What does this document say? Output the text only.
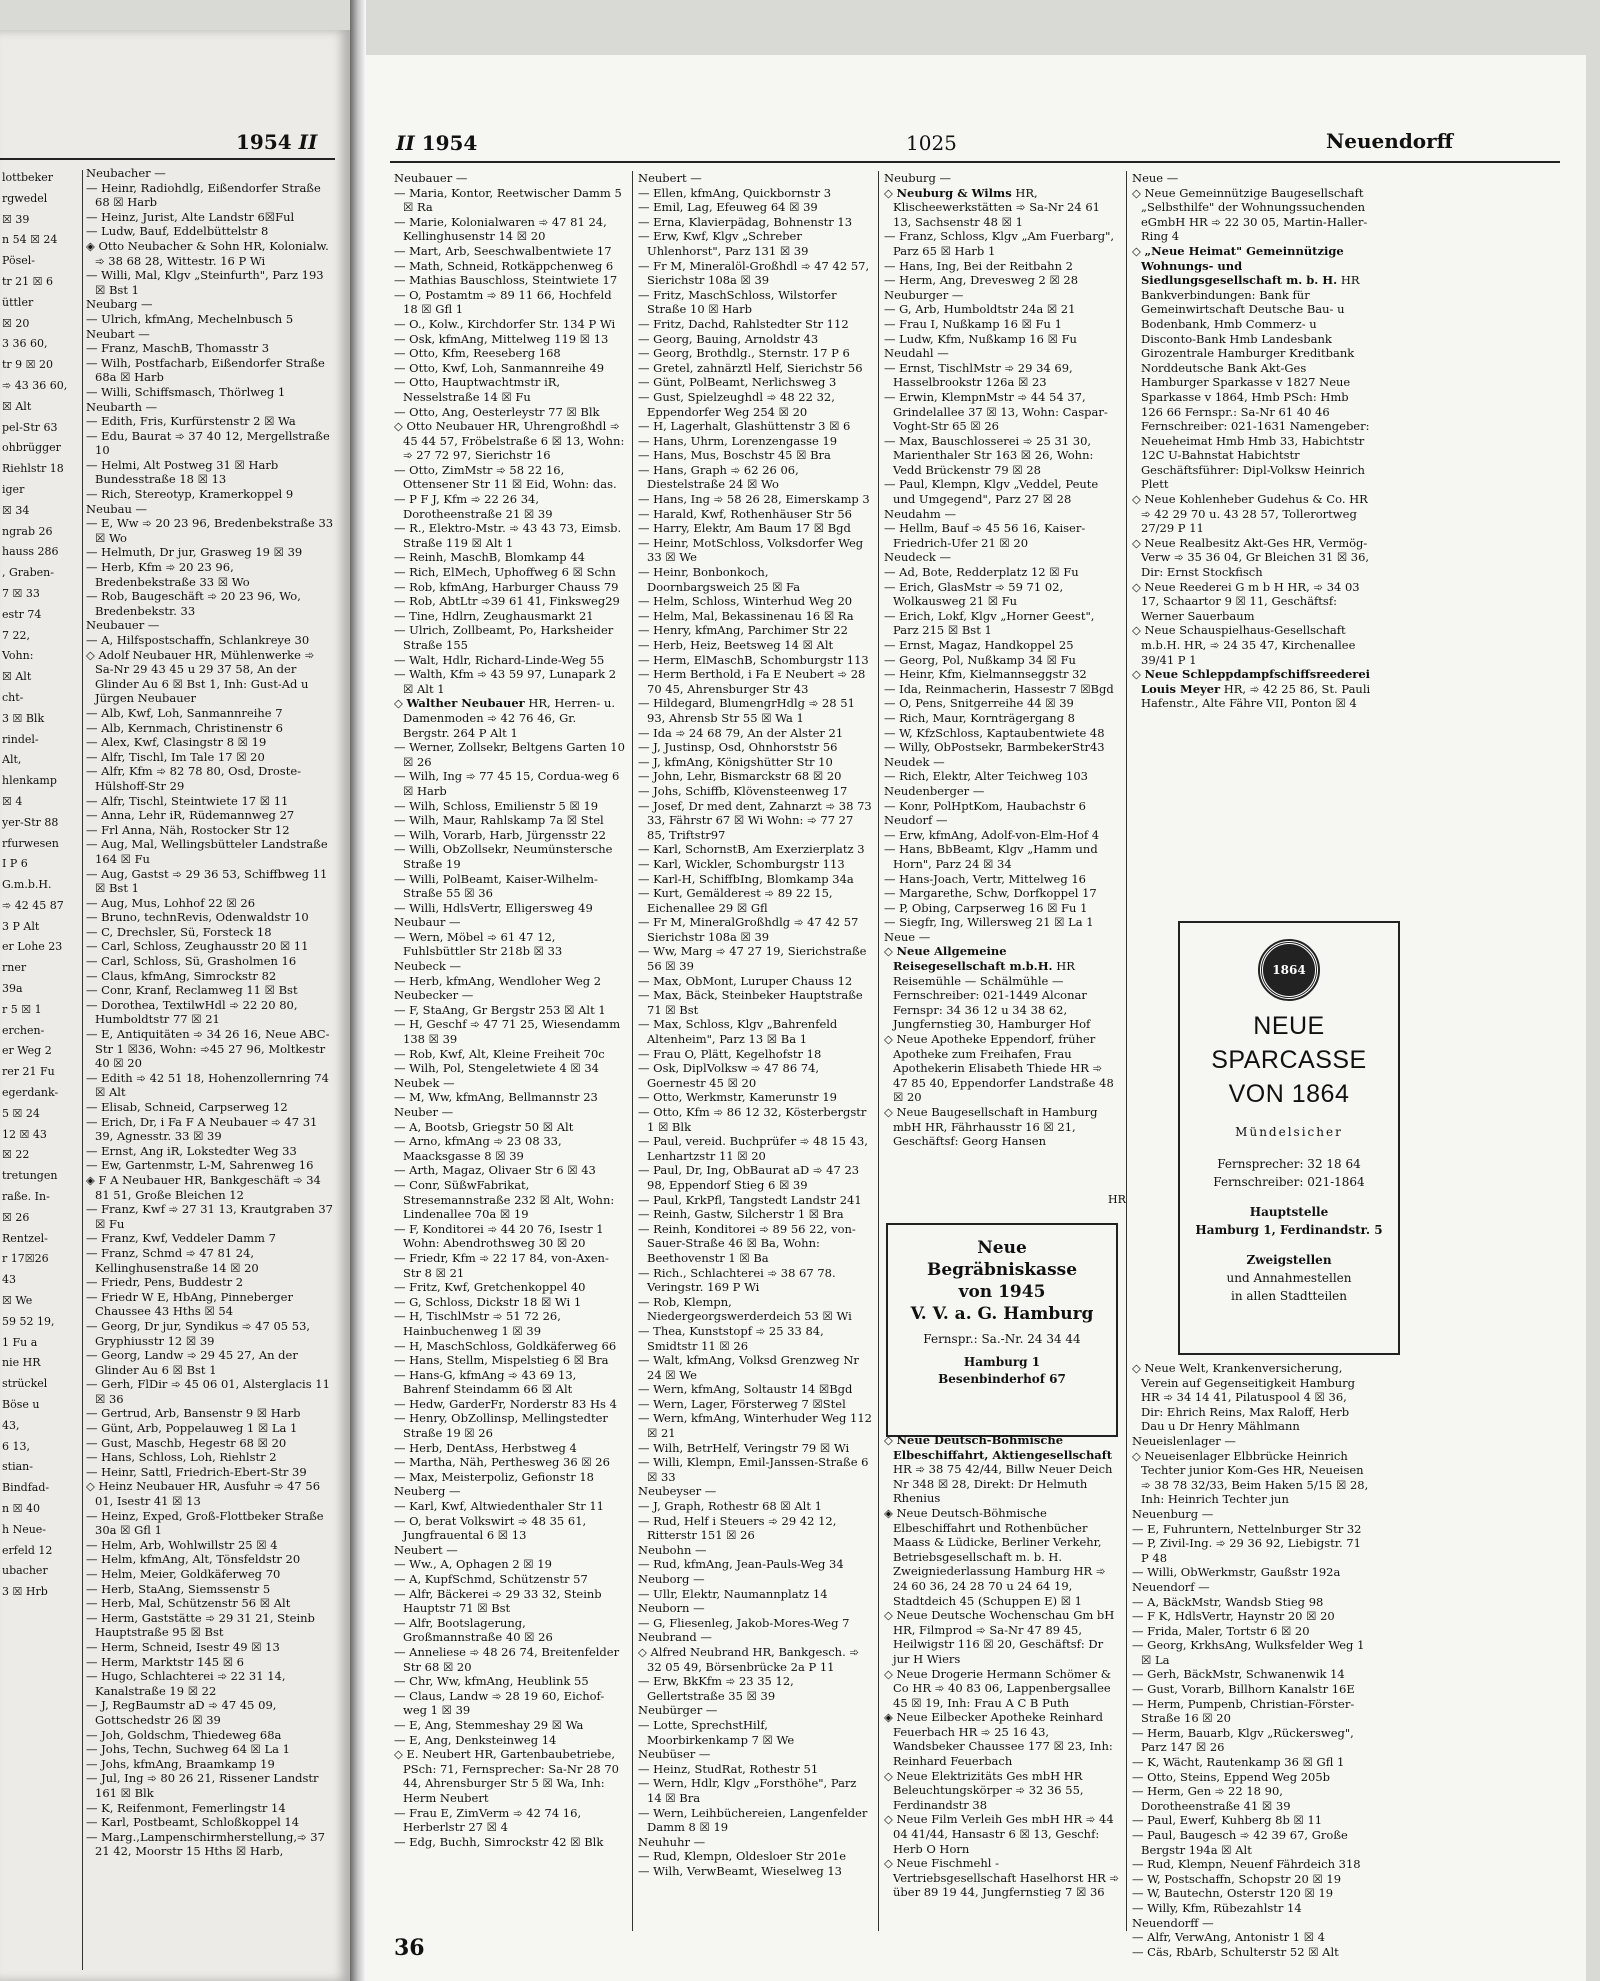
1954 II
lottbeker
rgwedel
☒ 39
n 54 ☒ 24
Pösel-
tr 21 ☒ 6
üttler
☒ 20
3 36 60,
tr 9 ☒ 20
➾ 43 36 60,
☒ Alt
pel-Str 63
ohbrügger
Riehlstr 18
iger
☒ 34
ngrab 26
hauss 286
, Graben-
7 ☒ 33
estr 74
7 22,
Vohn:
☒ Alt
cht-
3 ☒ Blk
rindel-
Alt,
hlenkamp
☒ 4
yer-Str 88
rfurwesen
I P 6
G.m.b.H.
➾ 42 45 87
3 P Alt
er Lohe 23
rner
39a
r 5 ☒ 1
erchen-
er Weg 2
rer 21 Fu
egerdank-
5 ☒ 24
12 ☒ 43
☒ 22
tretungen
raße. In-
☒ 26
Rentzel-
r 17☒26
43
☒ We
59 52 19,
1 Fu a
nie HR
strückel
Böse u
43,
6 13,
stian-
Bindfad-
n ☒ 40
h Neue-
erfeld 12
ubacher
3 ☒ Hrb

Neubacher —

— Heinr, Radiohdlg, Eißendorfer Straße 68 ☒ Harb

— Heinz, Jurist, Alte Landstr 6☒Ful

— Ludw, Bauf, Eddelbüttelstr 8

◈ Otto Neubacher & Sohn HR, Kolonialw. ➾ 38 68 28, Wittestr. 16 P Wi

— Willi, Mal, Klgv „Steinfurth", Parz 193 ☒ Bst 1

Neubarg —

— Ulrich, kfmAng, Mechelnbusch 5

Neubart —

— Franz, MaschB, Thomasstr 3

— Wilh, Postfacharb, Eißendorfer Straße 68a ☒ Harb

— Willi, Schiffsmasch, Thörlweg 1

Neubarth —

— Edith, Fris, Kurfürstenstr 2 ☒ Wa

— Edu, Baurat ➾ 37 40 12, Mergellstraße 10

— Helmi, Alt Postweg 31 ☒ Harb Bundesstraße 18 ☒ 13

— Rich, Stereotyp, Kramerkoppel 9

Neubau —

— E, Ww ➾ 20 23 96, Bredenbekstraße 33 ☒ Wo

— Helmuth, Dr jur, Grasweg 19 ☒ 39

— Herb, Kfm ➾ 20 23 96, Bredenbekstraße 33 ☒ Wo

— Rob, Baugeschäft ➾ 20 23 96, Wo, Bredenbekstr. 33

Neubauer —

— A, Hilfspostschaffn, Schlankreye 30

◇ Adolf Neubauer HR, Mühlenwerke ➾ Sa-Nr 29 43 45 u 29 37 58, An der Glinder Au 6 ☒ Bst 1, Inh: Gust-Ad u Jürgen Neubauer

— Alb, Kwf, Loh, Sanmannreihe 7

— Alb, Kernmach, Christinenstr 6

— Alex, Kwf, Clasingstr 8 ☒ 19

— Alfr, Tischl, Im Tale 17 ☒ 20

— Alfr, Kfm ➾ 82 78 80, Osd, Droste-Hülshoff-Str 29

— Alfr, Tischl, Steintwiete 17 ☒ 11

— Anna, Lehr iR, Rüdemannweg 27

— Frl Anna, Näh, Rostocker Str 12

— Aug, Mal, Wellingsbütteler Landstraße 164 ☒ Fu

— Aug, Gastst ➾ 29 36 53, Schiffbweg 11 ☒ Bst 1

— Aug, Mus, Lohhof 22 ☒ 26

— Bruno, technRevis, Odenwaldstr 10

— C, Drechsler, Sü, Forsteck 18

— Carl, Schloss, Zeughausstr 20 ☒ 11

— Carl, Schloss, Sü, Grasholmen 16

— Claus, kfmAng, Simrockstr 82

— Conr, Kranf, Reclamweg 11 ☒ Bst

— Dorothea, TextilwHdl ➾ 22 20 80, Humboldtstr 77 ☒ 21

— E, Antiquitäten ➾ 34 26 16, Neue ABC-Str 1 ☒36, Wohn: ➾45 27 96, Moltkestr 40 ☒ 20

— Edith ➾ 42 51 18, Hohenzollernring 74 ☒ Alt

— Elisab, Schneid, Carpserweg 12

— Erich, Dr, i Fa F A Neubauer ➾ 47 31 39, Agnesstr. 33 ☒ 39

— Ernst, Ang iR, Lokstedter Weg 33

— Ew, Gartenmstr, L-M, Sahrenweg 16

◈ F A Neubauer HR, Bankgeschäft ➾ 34 81 51, Große Bleichen 12

— Franz, Kwf ➾ 27 31 13, Krautgraben 37 ☒ Fu

— Franz, Kwf, Veddeler Damm 7

— Franz, Schmd ➾ 47 81 24, Kellinghusenstraße 14 ☒ 20

— Friedr, Pens, Buddestr 2

— Friedr W E, HbAng, Pinneberger Chaussee 43 Hths ☒ 54

— Georg, Dr jur, Syndikus ➾ 47 05 53, Gryphiusstr 12 ☒ 39

— Georg, Landw ➾ 29 45 27, An der Glinder Au 6 ☒ Bst 1

— Gerh, FlDir ➾ 45 06 01, Alsterglacis 11 ☒ 36

— Gertrud, Arb, Bansenstr 9 ☒ Harb

— Günt, Arb, Poppelauweg 1 ☒ La 1

— Gust, Maschb, Hegestr 68 ☒ 20

— Hans, Schloss, Loh, Riehlstr 2

— Heinr, Sattl, Friedrich-Ebert-Str 39

◇ Heinz Neubauer HR, Ausfuhr ➾ 47 56 01, Isestr 41 ☒ 13

— Heinz, Exped, Groß-Flottbeker Straße 30a ☒ Gfl 1

— Helm, Arb, Wohlwillstr 25 ☒ 4

— Helm, kfmAng, Alt, Tönsfeldstr 20

— Helm, Meier, Goldkäferweg 70

— Herb, StaAng, Siemssenstr 5

— Herb, Mal, Schützenstr 56 ☒ Alt

— Herm, Gaststätte ➾ 29 31 21, Steinb Hauptstraße 95 ☒ Bst

— Herm, Schneid, Isestr 49 ☒ 13

— Herm, Marktstr 145 ☒ 6

— Hugo, Schlachterei ➾ 22 31 14, Kanalstraße 19 ☒ 22

— J, RegBaumstr aD ➾ 47 45 09, Gottschedstr 26 ☒ 39

— Joh, Goldschm, Thiedeweg 68a

— Johs, Techn, Suchweg 64 ☒ La 1

— Johs, kfmAng, Braamkamp 19

— Jul, Ing ➾ 80 26 21, Rissener Landstr 161 ☒ Blk

— K, Reifenmont, Femerlingstr 14

— Karl, Postbeamt, Schloßkoppel 14

— Marg.,Lampenschirmherstellung,➾ 37 21 42, Moorstr 15 Hths ☒ Harb,

II 1954	1025	Neuendorff

Neubauer —

— Maria, Kontor, Reetwischer Damm 5 ☒ Ra

— Marie, Kolonialwaren ➾ 47 81 24, Kellinghusenstr 14 ☒ 20

— Mart, Arb, Seeschwalbentwiete 17

— Math, Schneid, Rotkäppchenweg 6

— Mathias Bauschloss, Steintwiete 17

— O, Postamtm ➾ 89 11 66, Hochfeld 18 ☒ Gfl 1

— O., Kolw., Kirchdorfer Str. 134 P Wi

— Osk, kfmAng, Mittelweg 119 ☒ 13

— Otto, Kfm, Reeseberg 168

— Otto, Kwf, Loh, Sanmannreihe 49

— Otto, Hauptwachtmstr iR, Nesselstraße 14 ☒ Fu

— Otto, Ang, Oesterleystr 77 ☒ Blk

◇ Otto Neubauer HR, Uhrengroßhdl ➾ 45 44 57, Fröbelstraße 6 ☒ 13, Wohn: ➾ 27 72 97, Sierichstr 16

— Otto, ZimMstr ➾ 58 22 16, Ottensener Str 11 ☒ Eid, Wohn: das.

— P F J, Kfm ➾ 22 26 34, Dorotheenstraße 21 ☒ 39

— R., Elektro-Mstr. ➾ 43 43 73, Eimsb. Straße 119 ☒ Alt 1

— Reinh, MaschB, Blomkamp 44

— Rich, ElMech, Uphoffweg 6 ☒ Schn

— Rob, kfmAng, Harburger Chauss 79

— Rob, AbtLtr ➾39 61 41, Finksweg29

— Tine, Hdlrn, Zeughausmarkt 21

— Ulrich, Zollbeamt, Po, Harksheider Straße 155

— Walt, Hdlr, Richard-Linde-Weg 55

— Walth, Kfm ➾ 43 59 97, Lunapark 2 ☒ Alt 1

◇ Walther Neubauer HR, Herren- u. Damenmoden ➾ 42 76 46, Gr. Bergstr. 264 P Alt 1

— Werner, Zollsekr, Beltgens Garten 10 ☒ 26

— Wilh, Ing ➾ 77 45 15, Cordua-weg 6 ☒ Harb

— Wilh, Schloss, Emilienstr 5 ☒ 19

— Wilh, Maur, Rahlskamp 7a ☒ Stel

— Wilh, Vorarb, Harb, Jürgensstr 22

— Willi, ObZollsekr, Neumünstersche Straße 19

— Willi, PolBeamt, Kaiser-Wilhelm-Straße 55 ☒ 36

— Willi, HdlsVertr, Elligersweg 49

Neubaur —

— Wern, Möbel ➾ 61 47 12, Fuhlsbüttler Str 218b ☒ 33

Neubeck —

— Herb, kfmAng, Wendloher Weg 2

Neubecker —

— F, StaAng, Gr Bergstr 253 ☒ Alt 1

— H, Geschf ➾ 47 71 25, Wiesendamm 138 ☒ 39

— Rob, Kwf, Alt, Kleine Freiheit 70c

— Wilh, Pol, Stengeletwiete 4 ☒ 34

Neubek —

— M, Ww, kfmAng, Bellmannstr 23

Neuber —

— A, Bootsb, Griegstr 50 ☒ Alt

— Arno, kfmAng ➾ 23 08 33, Maacksgasse 8 ☒ 39

— Arth, Magaz, Olivaer Str 6 ☒ 43

— Conr, SüßwFabrikat, Stresemannstraße 232 ☒ Alt, Wohn: Lindenallee 70a ☒ 19

— F, Konditorei ➾ 44 20 76, Isestr 1 Wohn: Abendrothsweg 30 ☒ 20

— Friedr, Kfm ➾ 22 17 84, von-Axen-Str 8 ☒ 21

— Fritz, Kwf, Gretchenkoppel 40

— G, Schloss, Dickstr 18 ☒ Wi 1

— H, TischlMstr ➾ 51 72 26, Hainbuchenweg 1 ☒ 39

— H, MaschSchloss, Goldkäferweg 66

— Hans, Stellm, Mispelstieg 6 ☒ Bra

— Hans-G, kfmAng ➾ 43 69 13, Bahrenf Steindamm 66 ☒ Alt

— Hedw, GarderFr, Norderstr 83 Hs 4

— Henry, ObZollinsp, Mellingstedter Straße 19 ☒ 26

— Herb, DentAss, Herbstweg 4

— Martha, Näh, Perthesweg 36 ☒ 26

— Max, Meisterpoliz, Gefionstr 18

Neuberg —

— Karl, Kwf, Altwiedenthaler Str 11

— O, berat Volkswirt ➾ 48 35 61, Jungfrauental 6 ☒ 13

Neubert —

— Ww., A, Ophagen 2 ☒ 19

— A, KupfSchmd, Schützenstr 57

— Alfr, Bäckerei ➾ 29 33 32, Steinb Hauptstr 71 ☒ Bst

— Alfr, Bootslagerung, Großmannstraße 40 ☒ 26

— Anneliese ➾ 48 26 74, Breitenfelder Str 68 ☒ 20

— Chr, Ww, kfmAng, Heublink 55

— Claus, Landw ➾ 28 19 60, Eichof-weg 1 ☒ 39

— E, Ang, Stemmeshay 29 ☒ Wa

— E, Ang, Denksteinweg 14

◇ E. Neubert HR, Gartenbaubetriebe, PSch: 71, Fernsprecher: Sa-Nr 28 70 44, Ahrensburger Str 5 ☒ Wa, Inh: Herm Neubert

— Frau E, ZimVerm ➾ 42 74 16, Herberlstr 27 ☒ 4

— Edg, Buchh, Simrockstr 42 ☒ Blk

Neubert —

— Ellen, kfmAng, Quickbornstr 3

— Emil, Lag, Efeuweg 64 ☒ 39

— Erna, Klavierpädag, Bohnenstr 13

— Erw, Kwf, Klgv „Schreber Uhlenhorst", Parz 131 ☒ 39

— Fr M, Mineralöl-Großhdl ➾ 47 42 57, Sierichstr 108a ☒ 39

— Fritz, MaschSchloss, Wilstorfer Straße 10 ☒ Harb

— Fritz, Dachd, Rahlstedter Str 112

— Georg, Bauing, Arnoldstr 43

— Georg, Brothdlg., Sternstr. 17 P 6

— Gretel, zahnärztl Helf, Sierichstr 56

— Günt, PolBeamt, Nerlichsweg 3

— Gust, Spielzeughdl ➾ 48 22 32, Eppendorfer Weg 254 ☒ 20

— H, Lagerhalt, Glashüttenstr 3 ☒ 6

— Hans, Uhrm, Lorenzengasse 19

— Hans, Mus, Boschstr 45 ☒ Bra

— Hans, Graph ➾ 62 26 06, Diestelstraße 24 ☒ Wo

— Hans, Ing ➾ 58 26 28, Eimerskamp 3

— Harald, Kwf, Rothenhäuser Str 56

— Harry, Elektr, Am Baum 17 ☒ Bgd

— Heinr, MotSchloss, Volksdorfer Weg 33 ☒ We

— Heinr, Bonbonkoch, Doornbargsweich 25 ☒ Fa

— Helm, Schloss, Winterhud Weg 20

— Helm, Mal, Bekassinenau 16 ☒ Ra

— Henry, kfmAng, Parchimer Str 22

— Herb, Heiz, Beetsweg 14 ☒ Alt

— Herm, ElMaschB, Schomburgstr 113

— Herm Berthold, i Fa E Neubert ➾ 28 70 45, Ahrensburger Str 43

— Hildegard, BlumengrHdlg ➾ 28 51 93, Ahrensb Str 55 ☒ Wa 1

— Ida ➾ 24 68 79, An der Alster 21

— J, Justinsp, Osd, Ohnhorststr 56

— J, kfmAng, Königshütter Str 10

— John, Lehr, Bismarckstr 68 ☒ 20

— Johs, Schiffb, Klövensteenweg 17

— Josef, Dr med dent, Zahnarzt ➾ 38 73 33, Fährstr 67 ☒ Wi Wohn: ➾ 77 27 85, Triftstr97

— Karl, SchornstB, Am Exerzierplatz 3

— Karl, Wickler, Schomburgstr 113

— Karl-H, SchiffbIng, Blomkamp 34a

— Kurt, Gemälderest ➾ 89 22 15, Eichenallee 29 ☒ Gfl

— Fr M, MineralGroßhdlg ➾ 47 42 57 Sierichstr 108a ☒ 39

— Ww, Marg ➾ 47 27 19, Sierichstraße 56 ☒ 39

— Max, ObMont, Luruper Chauss 12

— Max, Bäck, Steinbeker Hauptstraße 71 ☒ Bst

— Max, Schloss, Klgv „Bahrenfeld Altenheim", Parz 13 ☒ Ba 1

— Frau O, Plätt, Kegelhofstr 18

— Osk, DiplVolksw ➾ 47 86 74, Goernestr 45 ☒ 20

— Otto, Werkmstr, Kamerunstr 19

— Otto, Kfm ➾ 86 12 32, Kösterbergstr 1 ☒ Blk

— Paul, vereid. Buchprüfer ➾ 48 15 43, Lenhartzstr 11 ☒ 20

— Paul, Dr, Ing, ObBaurat aD ➾ 47 23 98, Eppendorf Stieg 6 ☒ 39

— Paul, KrkPfl, Tangstedt Landstr 241

— Reinh, Gastw, Silcherstr 1 ☒ Bra

— Reinh, Konditorei ➾ 89 56 22, von-Sauer-Straße 46 ☒ Ba, Wohn: Beethovenstr 1 ☒ Ba

— Rich., Schlachterei ➾ 38 67 78. Veringstr. 169 P Wi

— Rob, Klempn, Niedergeorgswerderdeich 53 ☒ Wi

— Thea, Kunststopf ➾ 25 33 84, Smidtstr 11 ☒ 26

— Walt, kfmAng, Volksd Grenzweg Nr 24 ☒ We

— Wern, kfmAng, Soltaustr 14 ☒Bgd

— Wern, Lager, Försterweg 7 ☒Stel

— Wern, kfmAng, Winterhuder Weg 112 ☒ 21

— Wilh, BetrHelf, Veringstr 79 ☒ Wi

— Willi, Klempn, Emil-Janssen-Straße 6 ☒ 33

Neubeyser —

— J, Graph, Rothestr 68 ☒ Alt 1

— Rud, Helf i Steuers ➾ 29 42 12, Ritterstr 151 ☒ 26

Neubohn —

— Rud, kfmAng, Jean-Pauls-Weg 34

Neuborg —

— Ullr, Elektr, Naumannplatz 14

Neuborn —

— G, Fliesenleg, Jakob-Mores-Weg 7

Neubrand —

◇ Alfred Neubrand HR, Bankgesch. ➾ 32 05 49, Börsenbrücke 2a P 11

— Erw, BkKfm ➾ 23 35 12, Gellertstraße 35 ☒ 39

Neubürger —

— Lotte, SprechstHilf, Moorbirkenkamp 7 ☒ We

Neubüser —

— Heinz, StudRat, Rothestr 51

— Wern, Hdlr, Klgv „Forsthöhe", Parz 14 ☒ Bra

— Wern, Leihbüchereien, Langenfelder Damm 8 ☒ 19

Neuhuhr —

— Rud, Klempn, Oldesloer Str 201e

— Wilh, VerwBeamt, Wieselweg 13

Neuburg —

◇ Neuburg & Wilms HR, Klischeewerkstätten ➾ Sa-Nr 24 61 13, Sachsenstr 48 ☒ 1

— Franz, Schloss, Klgv „Am Fuerbarg", Parz 65 ☒ Harb 1

— Hans, Ing, Bei der Reitbahn 2

— Herm, Ang, Drevesweg 2 ☒ 28

Neuburger —

— G, Arb, Humboldtstr 24a ☒ 21

— Frau I, Nußkamp 16 ☒ Fu 1

— Ludw, Kfm, Nußkamp 16 ☒ Fu

Neudahl —

— Ernst, TischlMstr ➾ 29 34 69, Hasselbrookstr 126a ☒ 23

— Erwin, KlempnMstr ➾ 44 54 37, Grindelallee 37 ☒ 13, Wohn: Caspar-Voght-Str 65 ☒ 26

— Max, Bauschlosserei ➾ 25 31 30, Marienthaler Str 163 ☒ 26, Wohn: Vedd Brückenstr 79 ☒ 28

— Paul, Klempn, Klgv „Veddel, Peute und Umgegend", Parz 27 ☒ 28

Neudahm —

— Hellm, Bauf ➾ 45 56 16, Kaiser-Friedrich-Ufer 21 ☒ 20

Neudeck —

— Ad, Bote, Redderplatz 12 ☒ Fu

— Erich, GlasMstr ➾ 59 71 02, Wolkausweg 21 ☒ Fu

— Erich, Lokf, Klgv „Horner Geest", Parz 215 ☒ Bst 1

— Ernst, Magaz, Handkoppel 25

— Georg, Pol, Nußkamp 34 ☒ Fu

— Heinr, Kfm, Kielmannseggstr 32

— Ida, Reinmacherin, Hassestr 7 ☒Bgd

— O, Pens, Snitgerreihe 44 ☒ 39

— Rich, Maur, Kornträgergang 8

— W, KfzSchloss, Kaptaubentwiete 48

— Willy, ObPostsekr, BarmbekerStr43

Neudek —

— Rich, Elektr, Alter Teichweg 103

Neudenberger —

— Konr, PolHptKom, Haubachstr 6

Neudorf —

— Erw, kfmAng, Adolf-von-Elm-Hof 4

— Hans, BbBeamt, Klgv „Hamm und Horn", Parz 24 ☒ 34

— Hans-Joach, Vertr, Mittelweg 16

— Margarethe, Schw, Dorfkoppel 17

— P, Obing, Carpserweg 16 ☒ Fu 1

— Siegfr, Ing, Willersweg 21 ☒ La 1

Neue —

◇ Neue Allgemeine Reisegesellschaft m.b.H. HR Reisemühle — Schälmühle — Fernschreiber: 021-1449 Alconar Fernspr: 34 36 12 u 34 38 62, Jungfernstieg 30, Hamburger Hof

◇ Neue Apotheke Eppendorf, früher Apotheke zum Freihafen, Frau Apothekerin Elisabeth Thiede HR ➾ 47 85 40, Eppendorfer Landstraße 48 ☒ 20

◇ Neue Baugesellschaft in Hamburg mbH HR, Fährhausstr 16 ☒ 21, Geschäftsf: Georg Hansen

Neue

Begräbniskasse

von 1945

V. V. a. G. Hamburg

Fernspr.: Sa.-Nr. 24 34 44

Hamburg 1

Besenbinderhof 67

◇ Neue Deutsch-Böhmische Elbeschiffahrt, Aktiengesellschaft HR ➾ 38 75 42/44, Billw Neuer Deich Nr 348 ☒ 28, Direkt: Dr Helmuth Rhenius

◈ Neue Deutsch-Böhmische Elbeschiffahrt und Rothenbücher Maass & Lüdicke, Berliner Verkehr, Betriebsgesellschaft m. b. H. Zweigniederlassung Hamburg HR ➾ 24 60 36, 24 28 70 u 24 64 19, Stadtdeich 45 (Schuppen E) ☒ 1

◇ Neue Deutsche Wochenschau Gm bH HR, Filmprod ➾ Sa-Nr 47 89 45, Heilwigstr 116 ☒ 20, Geschäftsf: Dr jur H Wiers

◇ Neue Drogerie Hermann Schömer & Co HR ➾ 40 83 06, Lappenbergsallee 45 ☒ 19, Inh: Frau A C B Puth

◈ Neue Eilbecker Apotheke Reinhard Feuerbach HR ➾ 25 16 43, Wandsbeker Chaussee 177 ☒ 23, Inh: Reinhard Feuerbach

◇ Neue Elektrizitäts Ges mbH HR Beleuchtungskörper ➾ 32 36 55, Ferdinandstr 38

◇ Neue Film Verleih Ges mbH HR ➾ 44 04 41/44, Hansastr 6 ☒ 13, Geschf: Herb O Horn

◇ Neue Fischmehl - Vertriebsgesellschaft Haselhorst HR ➾ über 89 19 44, Jungfernstieg 7 ☒ 36

HR

Neue —

◇ Neue Gemeinnützige Baugesellschaft „Selbsthilfe" der Wohnungssuchenden eGmbH HR ➾ 22 30 05, Martin-Haller-Ring 4

◇ „Neue Heimat" Gemeinnützige Wohnungs- und Siedlungsgesellschaft m. b. H. HR Bankverbindungen: Bank für Gemeinwirtschaft Deutsche Bau- u Bodenbank, Hmb Commerz- u Disconto-Bank Hmb Landesbank Girozentrale Hamburger Kreditbank Norddeutsche Bank Akt-Ges Hamburger Sparkasse v 1827 Neue Sparkasse v 1864, Hmb PSch: Hmb 126 66 Fernspr.: Sa-Nr 61 40 46 Fernschreiber: 021-1631 Namengeber: Neueheimat Hmb Hmb 33, Habichtstr 12C U-Bahnstat Habichtstr Geschäftsführer: Dipl-Volksw Heinrich Plett

◇ Neue Kohlenheber Gudehus & Co. HR ➾ 42 29 70 u. 43 28 57, Tollerortweg 27/29 P 11

◇ Neue Realbesitz Akt-Ges HR, Vermög-Verw ➾ 35 36 04, Gr Bleichen 31 ☒ 36, Dir: Ernst Stockfisch

◇ Neue Reederei G m b H HR, ➾ 34 03 17, Schaartor 9 ☒ 11, Geschäftsf: Werner Sauerbaum

◇ Neue Schauspielhaus-Gesellschaft m.b.H. HR, ➾ 24 35 47, Kirchenallee 39/41 P 1

◇ Neue Schleppdampfschiffsreederei Louis Meyer HR, ➾ 42 25 86, St. Pauli Hafenstr., Alte Fähre VII, Ponton ☒ 4

1864

NEUE SPARCASSE

VON 1864

Mündelsicher

Fernsprecher: 32 18 64

Fernschreiber: 021-1864

Hauptstelle

Hamburg 1, Ferdinandstr. 5

Zweigstellen

und Annahmestellen

in allen Stadtteilen

◇ Neue Welt, Krankenversicherung, Verein auf Gegenseitigkeit Hamburg HR ➾ 34 14 41, Pilatuspool 4 ☒ 36, Dir: Ehrich Reins, Max Raloff, Herb Dau u Dr Henry Mählmann

Neueislenlager —

◇ Neueisenlager Elbbrücke Heinrich Techter junior Kom-Ges HR, Neueisen ➾ 38 78 32/33, Beim Haken 5/15 ☒ 28, Inh: Heinrich Techter jun

Neuenburg —

— E, Fuhruntern, Nettelnburger Str 32

— P, Zivil-Ing. ➾ 29 36 92, Liebigstr. 71 P 48

— Willi, ObWerkmstr, Gaußstr 192a

Neuendorf —

— A, BäckMstr, Wandsb Stieg 98

— F K, HdlsVertr, Haynstr 20 ☒ 20

— Frida, Maler, Tortstr 6 ☒ 20

— Georg, KrkhsAng, Wulksfelder Weg 1 ☒ La

— Gerh, BäckMstr, Schwanenwik 14

— Gust, Vorarb, Billhorn Kanalstr 16E

— Herm, Pumpenb, Christian-Förster-Straße 16 ☒ 20

— Herm, Bauarb, Klgv „Rückersweg", Parz 147 ☒ 26

— K, Wächt, Rautenkamp 36 ☒ Gfl 1

— Otto, Steins, Eppend Weg 205b

— Herm, Gen ➾ 22 18 90, Dorotheenstraße 41 ☒ 39

— Paul, Ewerf, Kuhberg 8b ☒ 11

— Paul, Baugesch ➾ 42 39 67, Große Bergstr 194a ☒ Alt

— Rud, Klempn, Neuenf Fährdeich 318

— W, Postschaffn, Schopstr 20 ☒ 19

— W, Bautechn, Osterstr 120 ☒ 19

— Willy, Kfm, Rübezahlstr 14

Neuendorff —

— Alfr, VerwAng, Antonistr 1 ☒ 4

— Cäs, RbArb, Schulterstr 52 ☒ Alt

36
